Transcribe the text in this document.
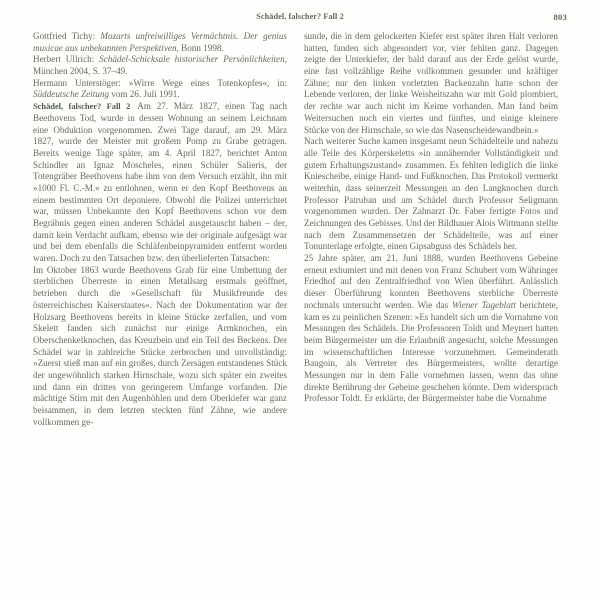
Schädel, falscher? Fall 2	803

Gottfried Tichy: Mozarts unfreiwilliges Vermächtnis. Der genius musicae aus unbekannten Perspektiven, Bonn 1998.

Herbert Ullrich: Schädel-Schicksale historischer Persönlichkeiten, München 2004, S. 37–49.

Hermann Unterstöger: »Wirre Wege eines Totenkopfes«, in: Süddeutsche Zeitung vom 26. Juli 1991.

Schädel, falscher? Fall 2 Am 27. März 1827, einen Tag nach Beethovens Tod, wurde in dessen Wohnung an seinem Leichnam eine Obduktion vorgenommen. Zwei Tage darauf, am 29. März 1827, wurde der Meister mit großem Pomp zu Grabe getragen. Bereits wenige Tage später, am 4. April 1827, berichtet Anton Schindler an Ignaz Moscheles, einen Schüler Salieris, der Totengräber Beethovens habe ihm von dem Versuch erzählt, ihn mit »1000 Fl. C.-M.« zu entlohnen, wenn er den Kopf Beethovens an einem bestimmten Ort deponiere. Obwohl die Polizei unterrichtet war, müssen Unbekannte den Kopf Beethovens schon vor dem Begräbnis gegen einen anderen Schädel ausgetauscht haben – der, damit kein Verdacht aufkam, ebenso wie der originale aufgesägt war und bei dem ebenfalls die Schläfenbeinpyramiden entfernt worden waren. Doch zu den Tatsachen bzw. den überlieferten Tatsachen:

Im Oktober 1863 wurde Beethovens Grab für eine Umbettung der sterblichen Überreste in einen Metallsarg erstmals geöffnet, betrieben durch die »Gesellschaft für Musikfreunde des österreichischen Kaiserstaates«. Nach der Dokumentation war der Holzsarg Beethovens bereits in kleine Stücke zerfallen, und vom Skelett fanden sich zunächst nur einige Armknochen, ein Oberschenkelknochen, das Kreuzbein und ein Teil des Beckens. Der Schädel war in zahlreiche Stücke zerbrochen und unvollständig: »Zuerst stieß man auf ein großes, durch Zersägen entstandenes Stück der ungewöhnlich starken Hirnschale, wozu sich später ein zweites und dann ein drittes von geringerem Umfange vorfanden. Die mächtige Stirn mit den Augenhöhlen und dem Oberkiefer war ganz beisammen, in dem letzten steckten fünf Zähne, wie andere vollkommen ge-

sunde, die in dem gelockerten Kiefer erst später ihren Halt verloren hatten, fanden sich abgesondert vor, vier fehlten ganz. Dagegen zeigte der Unterkiefer, der bald darauf aus der Erde gelöst wurde, eine fast vollzählige Reihe vollkommen gesunder und kräftiger Zähne; nur den linken vorletzten Backenzahn hatte schon der Lebende verloren, der linke Weisheitszahn war mit Gold plombiert, der rechte war auch nicht im Keime vorhanden. Man fand beim Weitersuchen noch ein viertes und fünftes, und einige kleinere Stücke von der Hirnschale, so wie das Nasenscheidewandbein.«

Nach weiterer Suche kamen insgesamt neun Schädelteile und nahezu alle Teile des Körperskeletts »in annähernder Vollständigkeit und gutem Erhaltungszustand« zusammen. Es fehlten lediglich die linke Kniescheibe, einige Hand- und Fußknochen. Das Protokoll vermerkt weiterhin, dass seinerzeit Messungen an den Langknochen durch Professor Patruban und am Schädel durch Professor Seligmann vorgenommen wurden. Der Zahnarzt Dr. Faber fertigte Fotos und Zeichnungen des Gebisses. Und der Bildhauer Alois Wittmann stellte nach dem Zusammensetzen der Schädelteile, was auf einer Tonunterlage erfolgte, einen Gipsabguss des Schädels her.

25 Jahre später, am 21. Juni 1888, wurden Beethovens Gebeine erneut exhumiert und mit denen von Franz Schubert vom Währinger Friedhof auf den Zentralfriedhof von Wien überführt. Anlässlich dieser Überführung konnten Beethovens sterbliche Überreste nochmals untersucht werden. Wie das Wiener Tageblatt berichtete, kam es zu peinlichen Szenen: »Es handelt sich um die Vornahme von Messungen des Schädels. Die Professoren Toldt und Meynert hatten beim Bürgermeister um die Erlaubniß angesucht, solche Messungen im wissenschaftlichen Interesse vorzunehmen. Gemeinderath Baugoin, als Vertreter des Bürgermeisters, wollte derartige Messungen nur in dem Falle vornehmen lassen, wenn das ohne direkte Berührung der Gebeine geschehen könnte. Dem widersprach Professor Toldt. Er erklärte, der Bürgermeister habe die Vornahme
